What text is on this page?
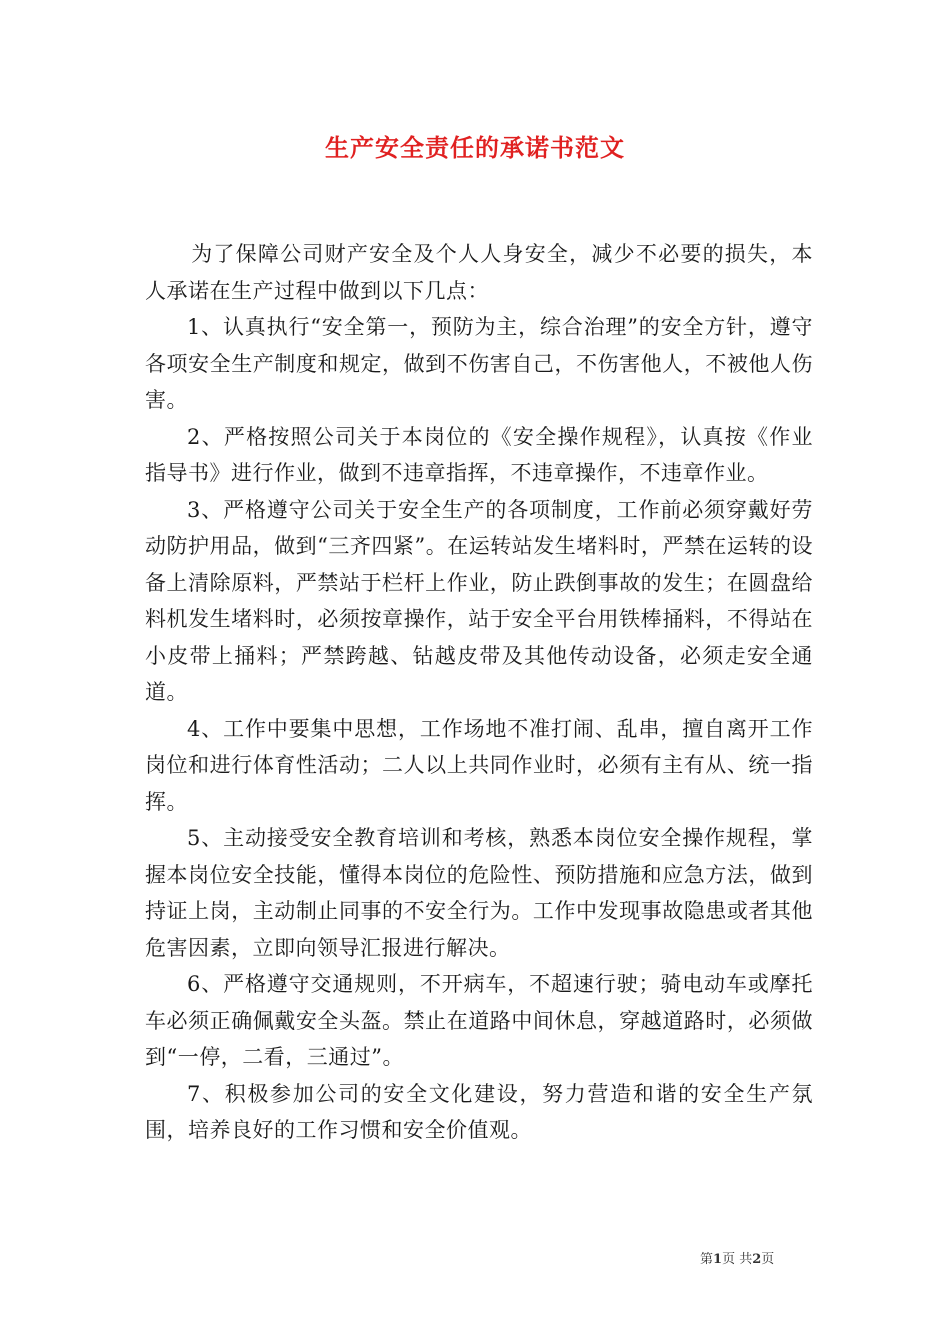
生产安全责任的承诺书范文

为了保障公司财产安全及个人人身安全，减少不必要的损失，本人承诺在生产过程中做到以下几点：

1、认真执行“安全第一，预防为主，综合治理”的安全方针，遵守各项安全生产制度和规定，做到不伤害自己，不伤害他人，不被他人伤害。

2、严格按照公司关于本岗位的《安全操作规程》，认真按《作业指导书》进行作业，做到不违章指挥，不违章操作，不违章作业。

3、严格遵守公司关于安全生产的各项制度，工作前必须穿戴好劳动防护用品，做到“三齐四紧”。在运转站发生堵料时，严禁在运转的设备上清除原料，严禁站于栏杆上作业，防止跌倒事故的发生；在圆盘给料机发生堵料时，必须按章操作，站于安全平台用铁棒捅料，不得站在小皮带上捅料；严禁跨越、钻越皮带及其他传动设备，必须走安全通道。

4、工作中要集中思想，工作场地不准打闹、乱串，擅自离开工作岗位和进行体育性活动；二人以上共同作业时，必须有主有从、统一指挥。

5、主动接受安全教育培训和考核，熟悉本岗位安全操作规程，掌握本岗位安全技能，懂得本岗位的危险性、预防措施和应急方法，做到持证上岗，主动制止同事的不安全行为。工作中发现事故隐患或者其他危害因素，立即向领导汇报进行解决。

6、严格遵守交通规则，不开病车，不超速行驶；骑电动车或摩托车必须正确佩戴安全头盔。禁止在道路中间休息，穿越道路时，必须做到“一停，二看，三通过”。

7、积极参加公司的安全文化建设，努力营造和谐的安全生产氛围，培养良好的工作习惯和安全价值观。

第1页 共2页
